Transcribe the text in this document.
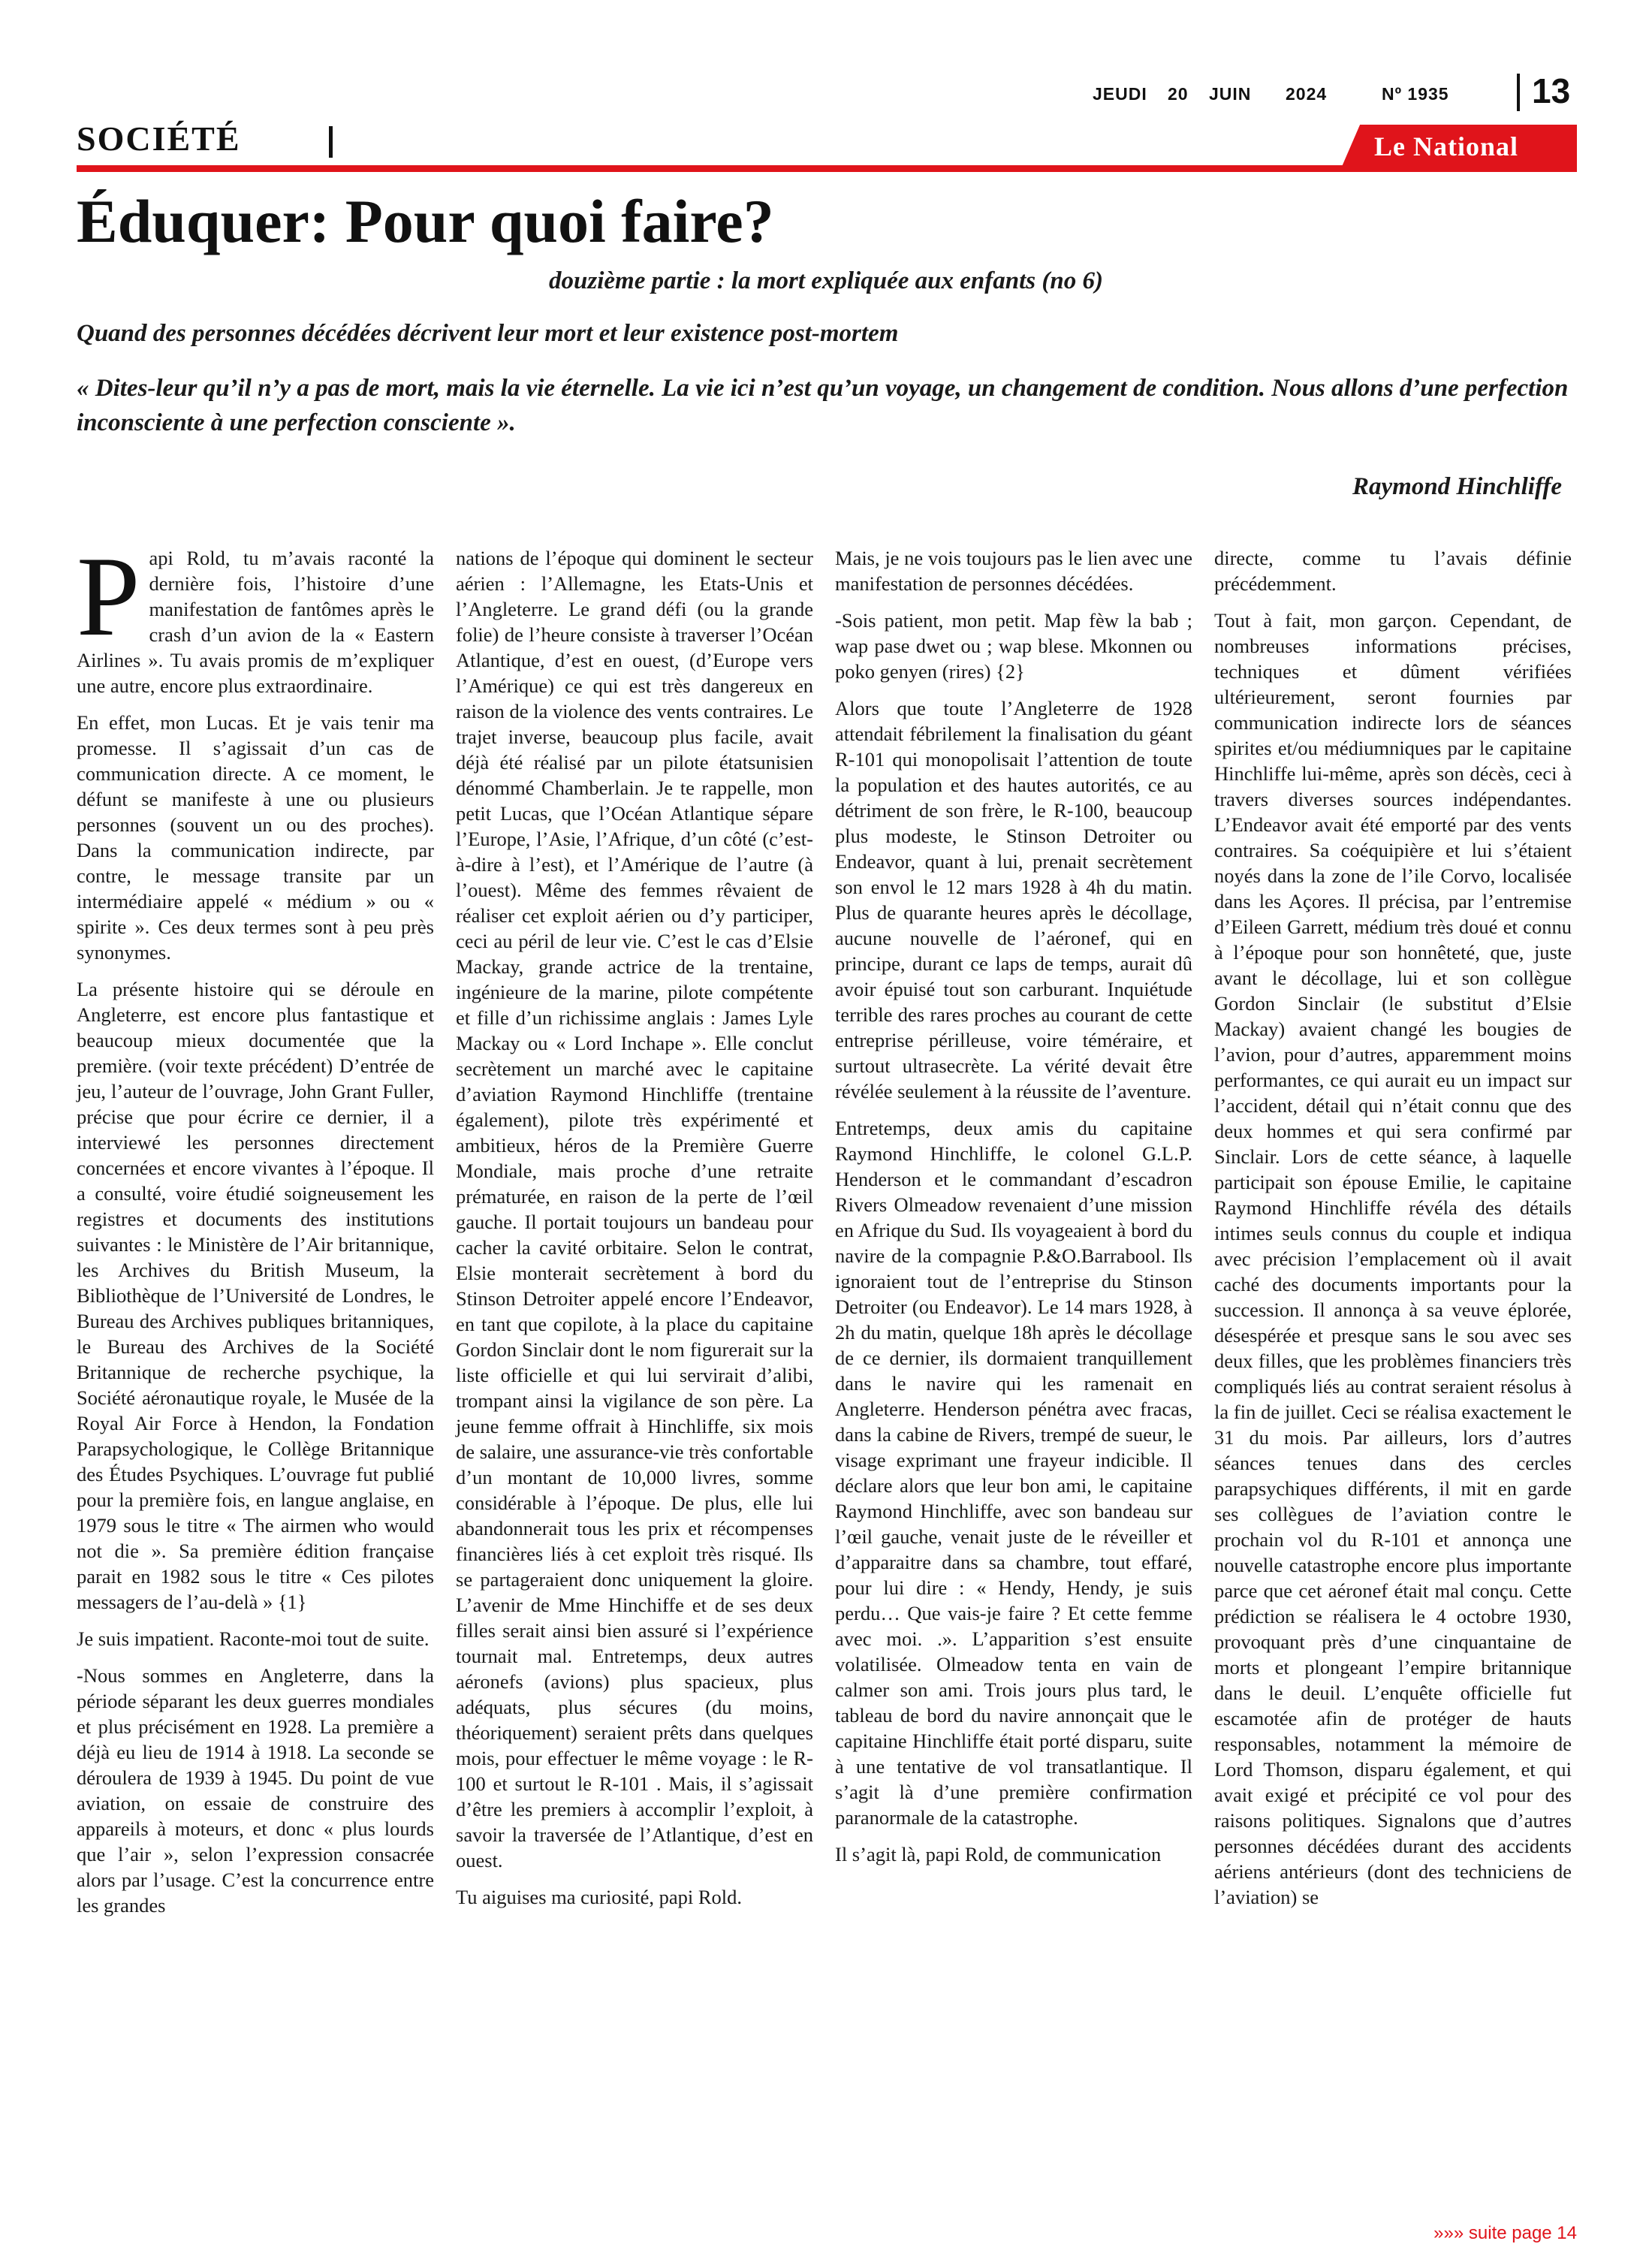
JEUDI 20 JUIN 2024	Nº 1935 13
SOCIÉTÉ	Le National
Éduquer: Pour quoi faire?

douzième partie : la mort expliquée aux enfants (no 6)

Quand des personnes décédées décrivent leur mort et leur existence post-mortem

« Dites-leur qu’il n’y a pas de mort, mais la vie éternelle. La vie ici n’est qu’un voyage, un changement de condition. Nous allons d’une perfection inconsciente à une perfection consciente ».

Raymond Hinchliffe

Papi Rold, tu m’avais raconté la dernière fois, l’histoire d’une manifestation de fantômes après le crash d’un avion de la « Eastern Airlines ». Tu avais promis de m’expliquer une autre, encore plus extraordinaire.

En effet, mon Lucas. Et je vais tenir ma promesse. Il s’agissait d’un cas de communication directe. A ce moment, le défunt se manifeste à une ou plusieurs personnes (souvent un ou des proches). Dans la communication indirecte, par contre, le message transite par un intermédiaire appelé « médium » ou « spirite ». Ces deux termes sont à peu près synonymes.

La présente histoire qui se déroule en Angleterre, est encore plus fantastique et beaucoup mieux documentée que la première. (voir texte précédent) D’entrée de jeu, l’auteur de l’ouvrage, John Grant Fuller, précise que pour écrire ce dernier, il a interviewé les personnes directement concernées et encore vivantes à l’époque. Il a consulté, voire étudié soigneusement les registres et documents des institutions suivantes : le Ministère de l’Air britannique, les Archives du British Museum, la Bibliothèque de l’Université de Londres, le Bureau des Archives publiques britanniques, le Bureau des Archives de la Société Britannique de recherche psychique, la Société aéronautique royale, le Musée de la Royal Air Force à Hendon, la Fondation Parapsychologique, le Collège Britannique des Études Psychiques. L’ouvrage fut publié pour la première fois, en langue anglaise, en 1979 sous le titre « The airmen who would not die ». Sa première édition française parait en 1982 sous le titre « Ces pilotes messagers de l’au-delà » {1}

Je suis impatient. Raconte-moi tout de suite.

-Nous sommes en Angleterre, dans la période séparant les deux guerres mondiales et plus précisément en 1928. La première a déjà eu lieu de 1914 à 1918. La seconde se déroulera de 1939 à 1945. Du point de vue aviation, on essaie de construire des appareils à moteurs, et donc « plus lourds que l’air », selon l’expression consacrée alors par l’usage. C’est la concurrence entre les grandes

nations de l’époque qui dominent le secteur aérien : l’Allemagne, les Etats-Unis et l’Angleterre. Le grand défi (ou la grande folie) de l’heure consiste à traverser l’Océan Atlantique, d’est en ouest, (d’Europe vers l’Amérique) ce qui est très dangereux en raison de la violence des vents contraires. Le trajet inverse, beaucoup plus facile, avait déjà été réalisé par un pilote étatsunisien dénommé Chamberlain. Je te rappelle, mon petit Lucas, que l’Océan Atlantique sépare l’Europe, l’Asie, l’Afrique, d’un côté (c’est-à-dire à l’est), et l’Amérique de l’autre (à l’ouest). Même des femmes rêvaient de réaliser cet exploit aérien ou d’y participer, ceci au péril de leur vie. C’est le cas d’Elsie Mackay, grande actrice de la trentaine, ingénieure de la marine, pilote compétente et fille d’un richissime anglais : James Lyle Mackay ou « Lord Inchape ». Elle conclut secrètement un marché avec le capitaine d’aviation Raymond Hinchliffe (trentaine également), pilote très expérimenté et ambitieux, héros de la Première Guerre Mondiale, mais proche d’une retraite prématurée, en raison de la perte de l’œil gauche. Il portait toujours un bandeau pour cacher la cavité orbitaire. Selon le contrat, Elsie monterait secrètement à bord du Stinson Detroiter appelé encore l’Endeavor, en tant que copilote, à la place du capitaine Gordon Sinclair dont le nom figurerait sur la liste officielle et qui lui servirait d’alibi, trompant ainsi la vigilance de son père. La jeune femme offrait à Hinchliffe, six mois de salaire, une assurance-vie très confortable d’un montant de 10,000 livres, somme considérable à l’époque. De plus, elle lui abandonnerait tous les prix et récompenses financières liés à cet exploit très risqué. Ils se partageraient donc uniquement la gloire. L’avenir de Mme Hinchiffe et de ses deux filles serait ainsi bien assuré si l’expérience tournait mal. Entretemps, deux autres aéronefs (avions) plus spacieux, plus adéquats, plus sécures (du moins, théoriquement) seraient prêts dans quelques mois, pour effectuer le même voyage : le R-100 et surtout le R-101 . Mais, il s’agissait d’être les premiers à accomplir l’exploit, à savoir la traversée de l’Atlantique, d’est en ouest.

Tu aiguises ma curiosité, papi Rold.

Mais, je ne vois toujours pas le lien avec une manifestation de personnes décédées.

-Sois patient, mon petit. Map fèw la bab ; wap pase dwet ou ; wap blese. Mkonnen ou poko genyen (rires) {2}

Alors que toute l’Angleterre de 1928 attendait fébrilement la finalisation du géant R-101 qui monopolisait l’attention de toute la population et des hautes autorités, ce au détriment de son frère, le R-100, beaucoup plus modeste, le Stinson Detroiter ou Endeavor, quant à lui, prenait secrètement son envol le 12 mars 1928 à 4h du matin. Plus de quarante heures après le décollage, aucune nouvelle de l’aéronef, qui en principe, durant ce laps de temps, aurait dû avoir épuisé tout son carburant. Inquiétude terrible des rares proches au courant de cette entreprise périlleuse, voire téméraire, et surtout ultrasecrète. La vérité devait être révélée seulement à la réussite de l’aventure.

Entretemps, deux amis du capitaine Raymond Hinchliffe, le colonel G.L.P. Henderson et le commandant d’escadron Rivers Olmeadow revenaient d’une mission en Afrique du Sud. Ils voyageaient à bord du navire de la compagnie P.&O.Barrabool. Ils ignoraient tout de l’entreprise du Stinson Detroiter (ou Endeavor). Le 14 mars 1928, à 2h du matin, quelque 18h après le décollage de ce dernier, ils dormaient tranquillement dans le navire qui les ramenait en Angleterre. Henderson pénétra avec fracas, dans la cabine de Rivers, trempé de sueur, le visage exprimant une frayeur indicible. Il déclare alors que leur bon ami, le capitaine Raymond Hinchliffe, avec son bandeau sur l’œil gauche, venait juste de le réveiller et d’apparaitre dans sa chambre, tout effaré, pour lui dire : « Hendy, Hendy, je suis perdu… Que vais-je faire ? Et cette femme avec moi. .». L’apparition s’est ensuite volatilisée. Olmeadow tenta en vain de calmer son ami. Trois jours plus tard, le tableau de bord du navire annonçait que le capitaine Hinchliffe était porté disparu, suite à une tentative de vol transatlantique. Il s’agit là d’une première confirmation paranormale de la catastrophe.

Il s’agit là, papi Rold, de communication

directe, comme tu l’avais définie précédemment.

Tout à fait, mon garçon. Cependant, de nombreuses informations précises, techniques et dûment vérifiées ultérieurement, seront fournies par communication indirecte lors de séances spirites et/ou médiumniques par le capitaine Hinchliffe lui-même, après son décès, ceci à travers diverses sources indépendantes. L’Endeavor avait été emporté par des vents contraires. Sa coéquipière et lui s’étaient noyés dans la zone de l’ile Corvo, localisée dans les Açores. Il précisa, par l’entremise d’Eileen Garrett, médium très doué et connu à l’époque pour son honnêteté, que, juste avant le décollage, lui et son collègue Gordon Sinclair (le substitut d’Elsie Mackay) avaient changé les bougies de l’avion, pour d’autres, apparemment moins performantes, ce qui aurait eu un impact sur l’accident, détail qui n’était connu que des deux hommes et qui sera confirmé par Sinclair. Lors de cette séance, à laquelle participait son épouse Emilie, le capitaine Raymond Hinchliffe révéla des détails intimes seuls connus du couple et indiqua avec précision l’emplacement où il avait caché des documents importants pour la succession. Il annonça à sa veuve éplorée, désespérée et presque sans le sou avec ses deux filles, que les problèmes financiers très compliqués liés au contrat seraient résolus à la fin de juillet. Ceci se réalisa exactement le 31 du mois. Par ailleurs, lors d’autres séances tenues dans des cercles parapsychiques différents, il mit en garde ses collègues de l’aviation contre le prochain vol du R-101 et annonça une nouvelle catastrophe encore plus importante parce que cet aéronef était mal conçu. Cette prédiction se réalisera le 4 octobre 1930, provoquant près d’une cinquantaine de morts et plongeant l’empire britannique dans le deuil. L’enquête officielle fut escamotée afin de protéger de hauts responsables, notamment la mémoire de Lord Thomson, disparu également, et qui avait exigé et précipité ce vol pour des raisons politiques. Signalons que d’autres personnes décédées durant des accidents aériens antérieurs (dont des techniciens de l’aviation) se

»»» suite page 14
